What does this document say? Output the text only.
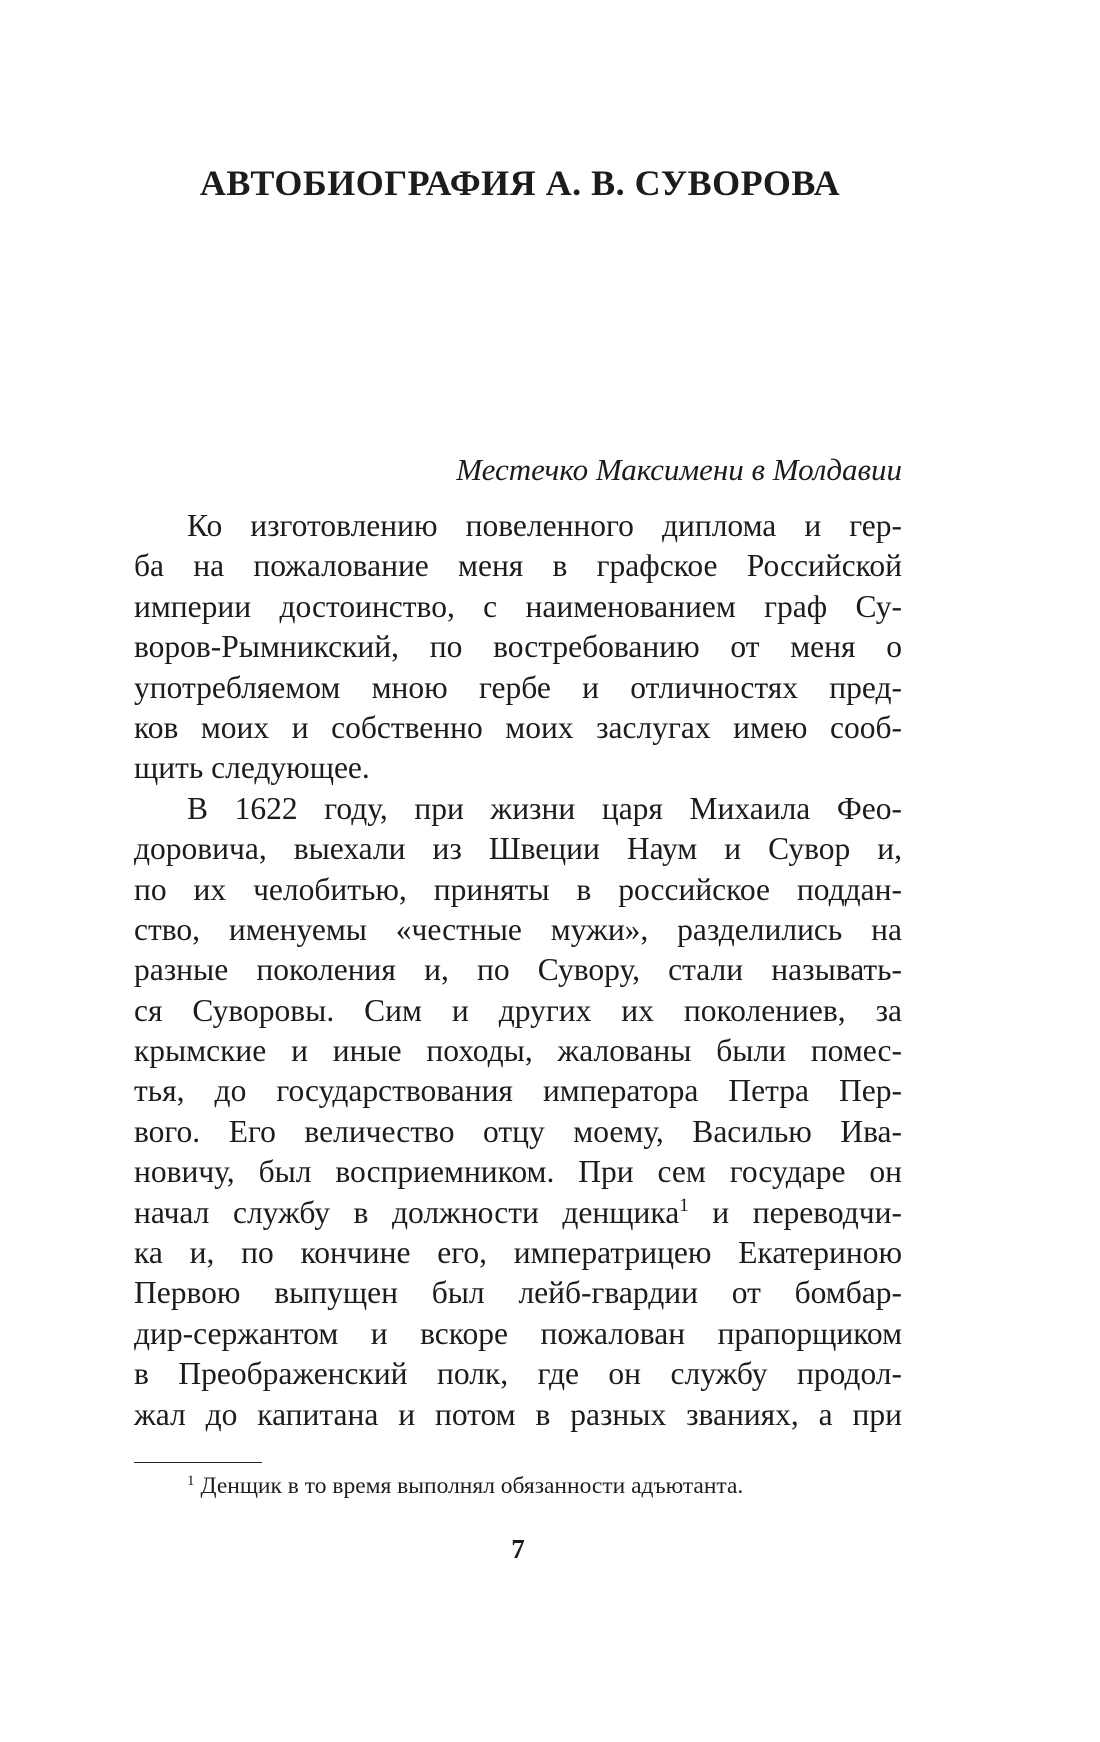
АВТОБИОГРАФИЯ А. В. СУВОРОВА

Местечко Максимени в Молдавии

Ко изготовлению повеленного диплома и гер-
ба на пожалование меня в графское Российской
империи достоинство, с наименованием граф Су-
воров-Рымникский, по востребованию от меня о
употребляемом мною гербе и отличностях пред-
ков моих и собственно моих заслугах имею сооб-
щить следующее.
В 1622 году, при жизни царя Михаила Фео-
доровича, выехали из Швеции Наум и Сувор и,
по их челобитью, приняты в российское поддан-
ство, именуемы «честные мужи», разделились на
разные поколения и, по Сувору, стали называть-
ся Суворовы. Сим и других их поколениев, за
крымские и иные походы, жалованы были помес-
тья, до государствования императора Петра Пер-
вого. Его величество отцу моему, Василью Ива-
новичу, был восприемником. При сем государе он
начал службу в должности денщика$^1$ и переводчи-
ка и, по кончине его, императрицею Екатериною
Первою выпущен был лейб-гвардии от бомбар-
дир-сержантом и вскоре пожалован прапорщиком
в Преображенский полк, где он службу продол-
жал до капитана и потом в разных званиях, а при

$^1$ Денщик в то время выполнял обязанности адъютанта.

7
